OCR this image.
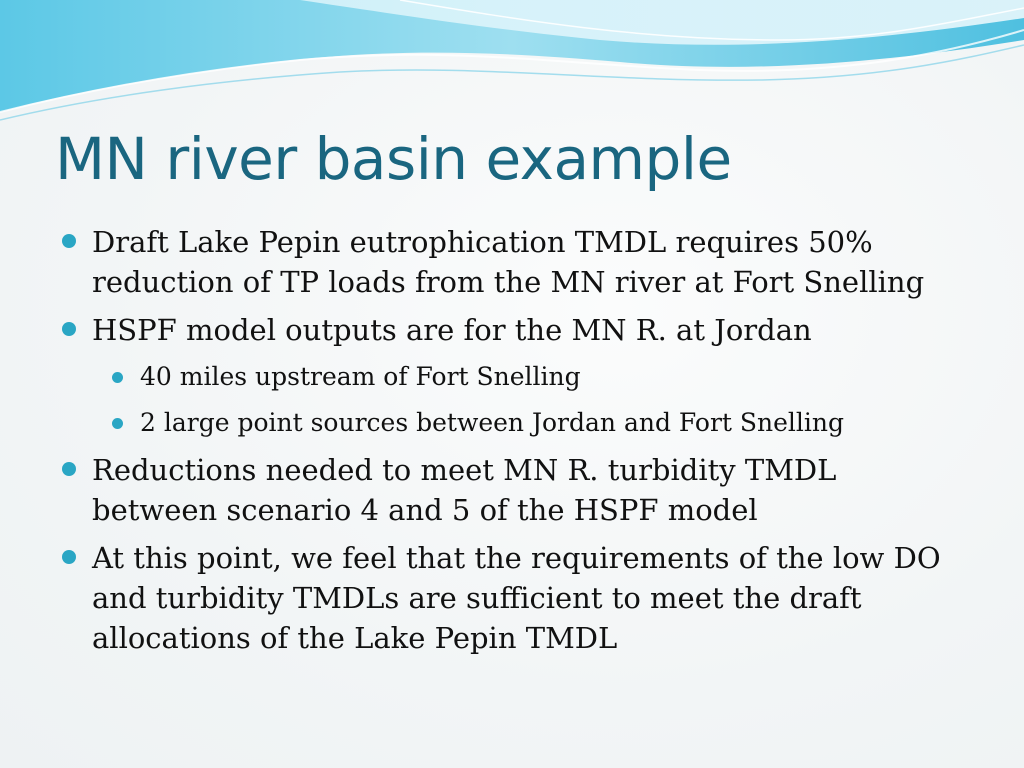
MN river basin example
Draft Lake Pepin eutrophication TMDL requires 50% reduction of TP loads from the MN river at Fort Snelling
HSPF model outputs are for the MN R. at Jordan
40 miles upstream of Fort Snelling
2 large point sources between Jordan and Fort Snelling
Reductions needed to meet MN R. turbidity TMDL between scenario 4 and 5 of the HSPF model
At this point, we feel that the requirements of the low DO and turbidity TMDLs are sufficient to meet the draft allocations of the Lake Pepin TMDL
